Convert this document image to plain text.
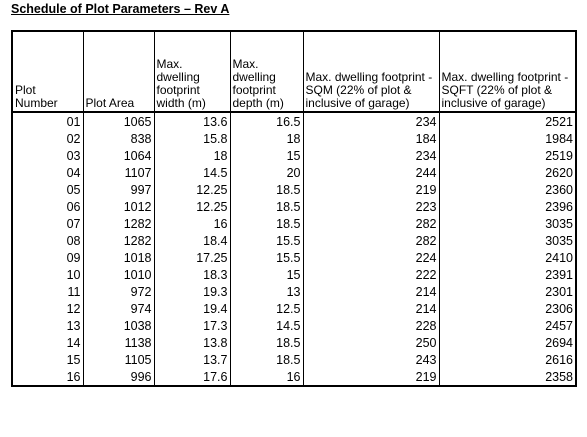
Schedule of Plot Parameters – Rev A
Plot Number	Plot Area	Max. dwelling footprint width (m)	Max. dwelling footprint depth (m)	Max. dwelling footprint - SQM (22% of plot & inclusive of garage)	Max. dwelling footprint - SQFT (22% of plot & inclusive of garage)
01	1065	13.6	16.5	234	2521
02	838	15.8	18	184	1984
03	1064	18	15	234	2519
04	1107	14.5	20	244	2620
05	997	12.25	18.5	219	2360
06	1012	12.25	18.5	223	2396
07	1282	16	18.5	282	3035
08	1282	18.4	15.5	282	3035
09	1018	17.25	15.5	224	2410
10	1010	18.3	15	222	2391
11	972	19.3	13	214	2301
12	974	19.4	12.5	214	2306
13	1038	17.3	14.5	228	2457
14	1138	13.8	18.5	250	2694
15	1105	13.7	18.5	243	2616
16	996	17.6	16	219	2358
